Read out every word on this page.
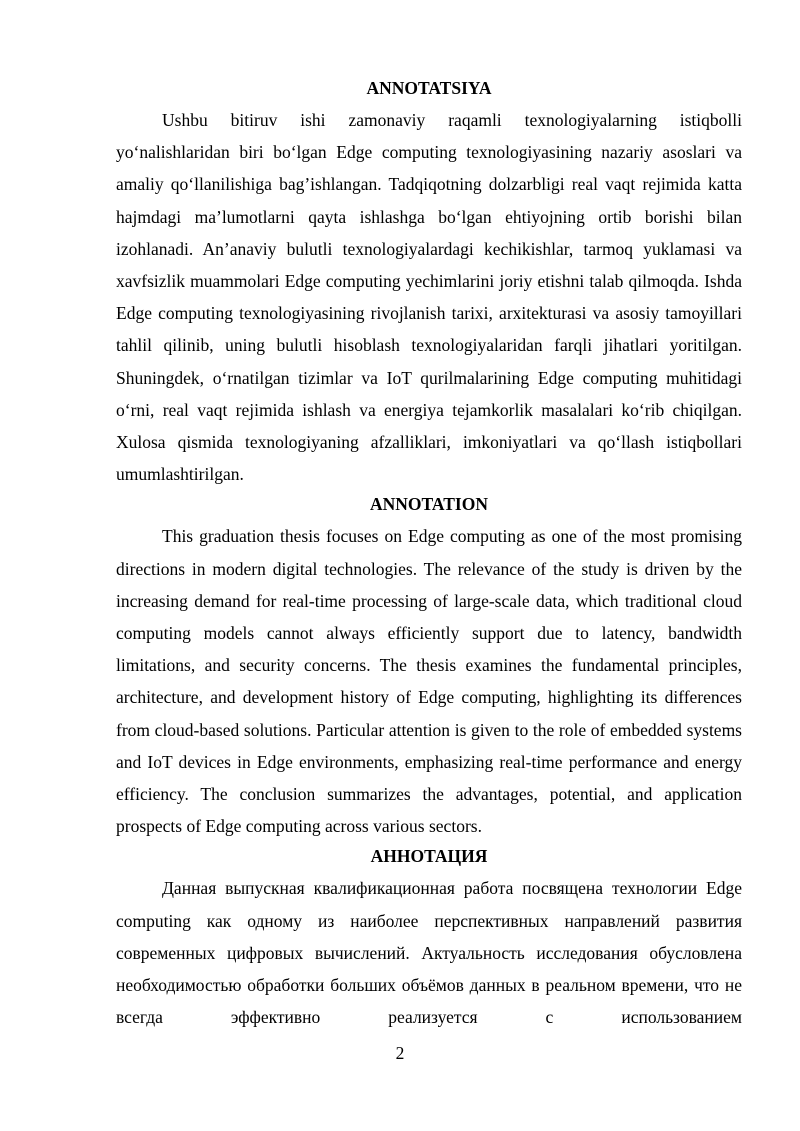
ANNOTATSIYA

Ushbu bitiruv ishi zamonaviy raqamli texnologiyalarning istiqbolli yo‘nalishlaridan biri bo‘lgan Edge computing texnologiyasining nazariy asoslari va amaliy qo‘llanilishiga bag’ishlangan. Tadqiqotning dolzarbligi real vaqt rejimida katta hajmdagi ma’lumotlarni qayta ishlashga bo‘lgan ehtiyojning ortib borishi bilan izohlanadi. An’anaviy bulutli texnologiyalardagi kechikishlar, tarmoq yuklamasi va xavfsizlik muammolari Edge computing yechimlarini joriy etishni talab qilmoqda. Ishda Edge computing texnologiyasining rivojlanish tarixi, arxitekturasi va asosiy tamoyillari tahlil qilinib, uning bulutli hisoblash texnologiyalaridan farqli jihatlari yoritilgan. Shuningdek, o‘rnatilgan tizimlar va IoT qurilmalarining Edge computing muhitidagi o‘rni, real vaqt rejimida ishlash va energiya tejamkorlik masalalari ko‘rib chiqilgan. Xulosa qismida texnologiyaning afzalliklari, imkoniyatlari va qo‘llash istiqbollari umumlashtirilgan.

ANNOTATION

This graduation thesis focuses on Edge computing as one of the most promising directions in modern digital technologies. The relevance of the study is driven by the increasing demand for real-time processing of large-scale data, which traditional cloud computing models cannot always efficiently support due to latency, bandwidth limitations, and security concerns. The thesis examines the fundamental principles, architecture, and development history of Edge computing, highlighting its differences from cloud-based solutions. Particular attention is given to the role of embedded systems and IoT devices in Edge environments, emphasizing real-time performance and energy efficiency. The conclusion summarizes the advantages, potential, and application prospects of Edge computing across various sectors.

АННОТАЦИЯ

Данная выпускная квалификационная работа посвящена технологии Edge computing как одному из наиболее перспективных направлений развития современных цифровых вычислений. Актуальность исследования обусловлена необходимостью обработки больших объёмов данных в реальном времени, что не всегда эффективно реализуется с использованием

2
